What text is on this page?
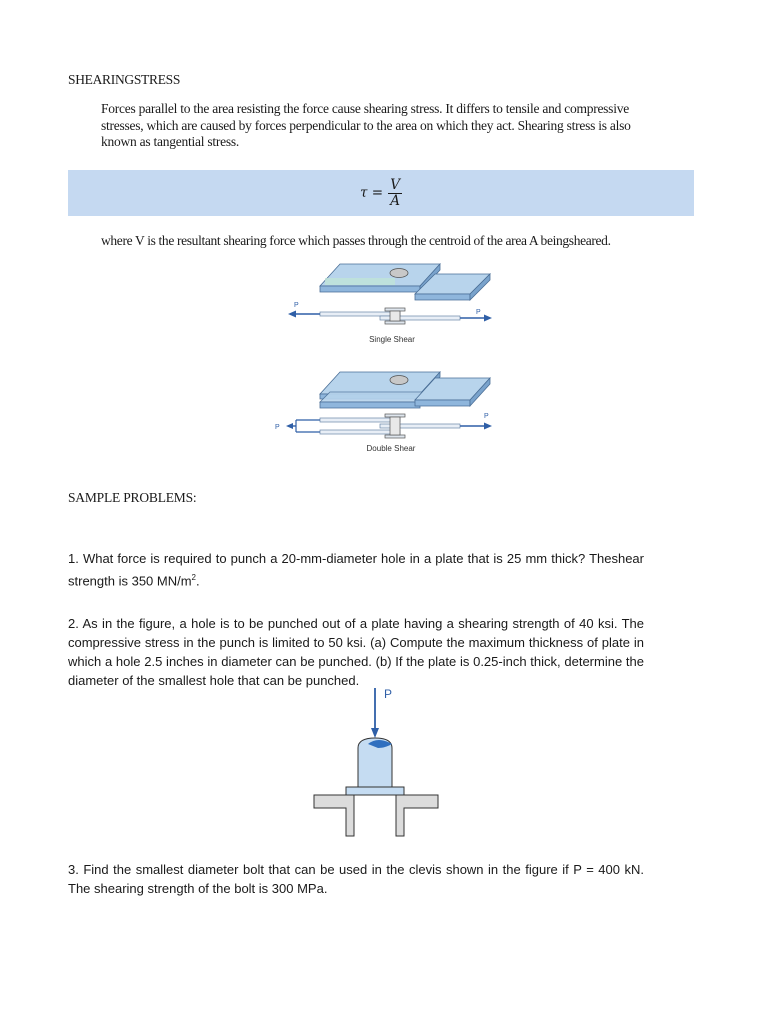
SHEARINGSTRESS
Forces parallel to the area resisting the force cause shearing stress. It differs to tensile and compressive stresses, which are caused by forces perpendicular to the area on which they act. Shearing stress is also known as tangential stress.
$\tau = \frac{V}{A}$
where V is the resultant shearing force which passes through the centroid of the area A beingsheared.
P
P
Single Shear
P
P
Double Shear
SAMPLE PROBLEMS:
1. What force is required to punch a 20-mm-diameter hole in a plate that is 25 mm thick? Theshear strength is 350 $MN/m^2$.
2. As in the figure, a hole is to be punched out of a plate having a shearing strength of 40 ksi. The compressive stress in the punch is limited to 50 ksi. (a) Compute the maximum thickness of plate in which a hole 2.5 inches in diameter can be punched. (b) If the plate is 0.25-inch thick, determine the diameter of the smallest hole that can be punched.
P
3. Find the smallest diameter bolt that can be used in the clevis shown in the figure if P = 400 kN. The shearing strength of the bolt is 300 MPa.
